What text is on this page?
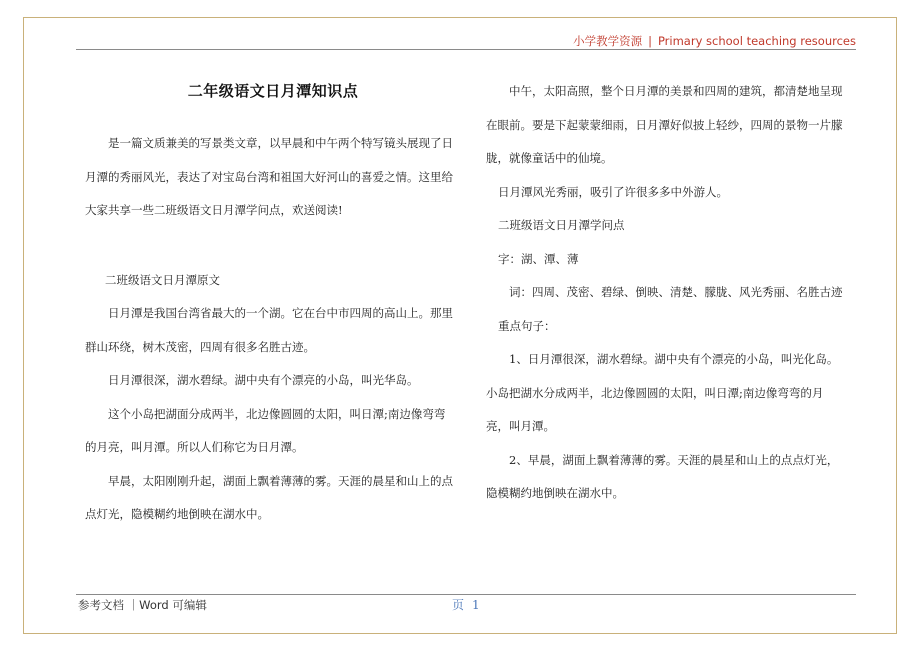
小学教学资源 | Primary school teaching resources

二年级语文日月潭知识点

是一篇文质兼美的写景类文章，以早晨和中午两个特写镜头展现了日月潭的秀丽风光，表达了对宝岛台湾和祖国大好河山的喜爱之情。这里给大家共享一些二班级语文日月潭学问点，欢送阅读!

二班级语文日月潭原文

日月潭是我国台湾省最大的一个湖。它在台中市四周的高山上。那里群山环绕，树木茂密，四周有很多名胜古迹。

日月潭很深，湖水碧绿。湖中央有个漂亮的小岛，叫光华岛。

这个小岛把湖面分成两半，北边像圆圆的太阳，叫日潭;南边像弯弯的月亮，叫月潭。所以人们称它为日月潭。

早晨，太阳刚刚升起，湖面上飘着薄薄的雾。天涯的晨星和山上的点点灯光，隐模糊约地倒映在湖水中。

中午，太阳高照，整个日月潭的美景和四周的建筑，都清楚地呈现在眼前。要是下起蒙蒙细雨，日月潭好似披上轻纱，四周的景物一片朦胧，就像童话中的仙境。

日月潭风光秀丽，吸引了许很多多中外游人。

二班级语文日月潭学问点

字：湖、潭、薄

词：四周、茂密、碧绿、倒映、清楚、朦胧、风光秀丽、名胜古迹

重点句子：

1、日月潭很深，湖水碧绿。湖中央有个漂亮的小岛，叫光化岛。小岛把湖水分成两半，北边像圆圆的太阳，叫日潭;南边像弯弯的月亮，叫月潭。

2、早晨，湖面上飘着薄薄的雾。天涯的晨星和山上的点点灯光，隐模糊约地倒映在湖水中。

参考文档 ｜Word 可编辑	页 1
